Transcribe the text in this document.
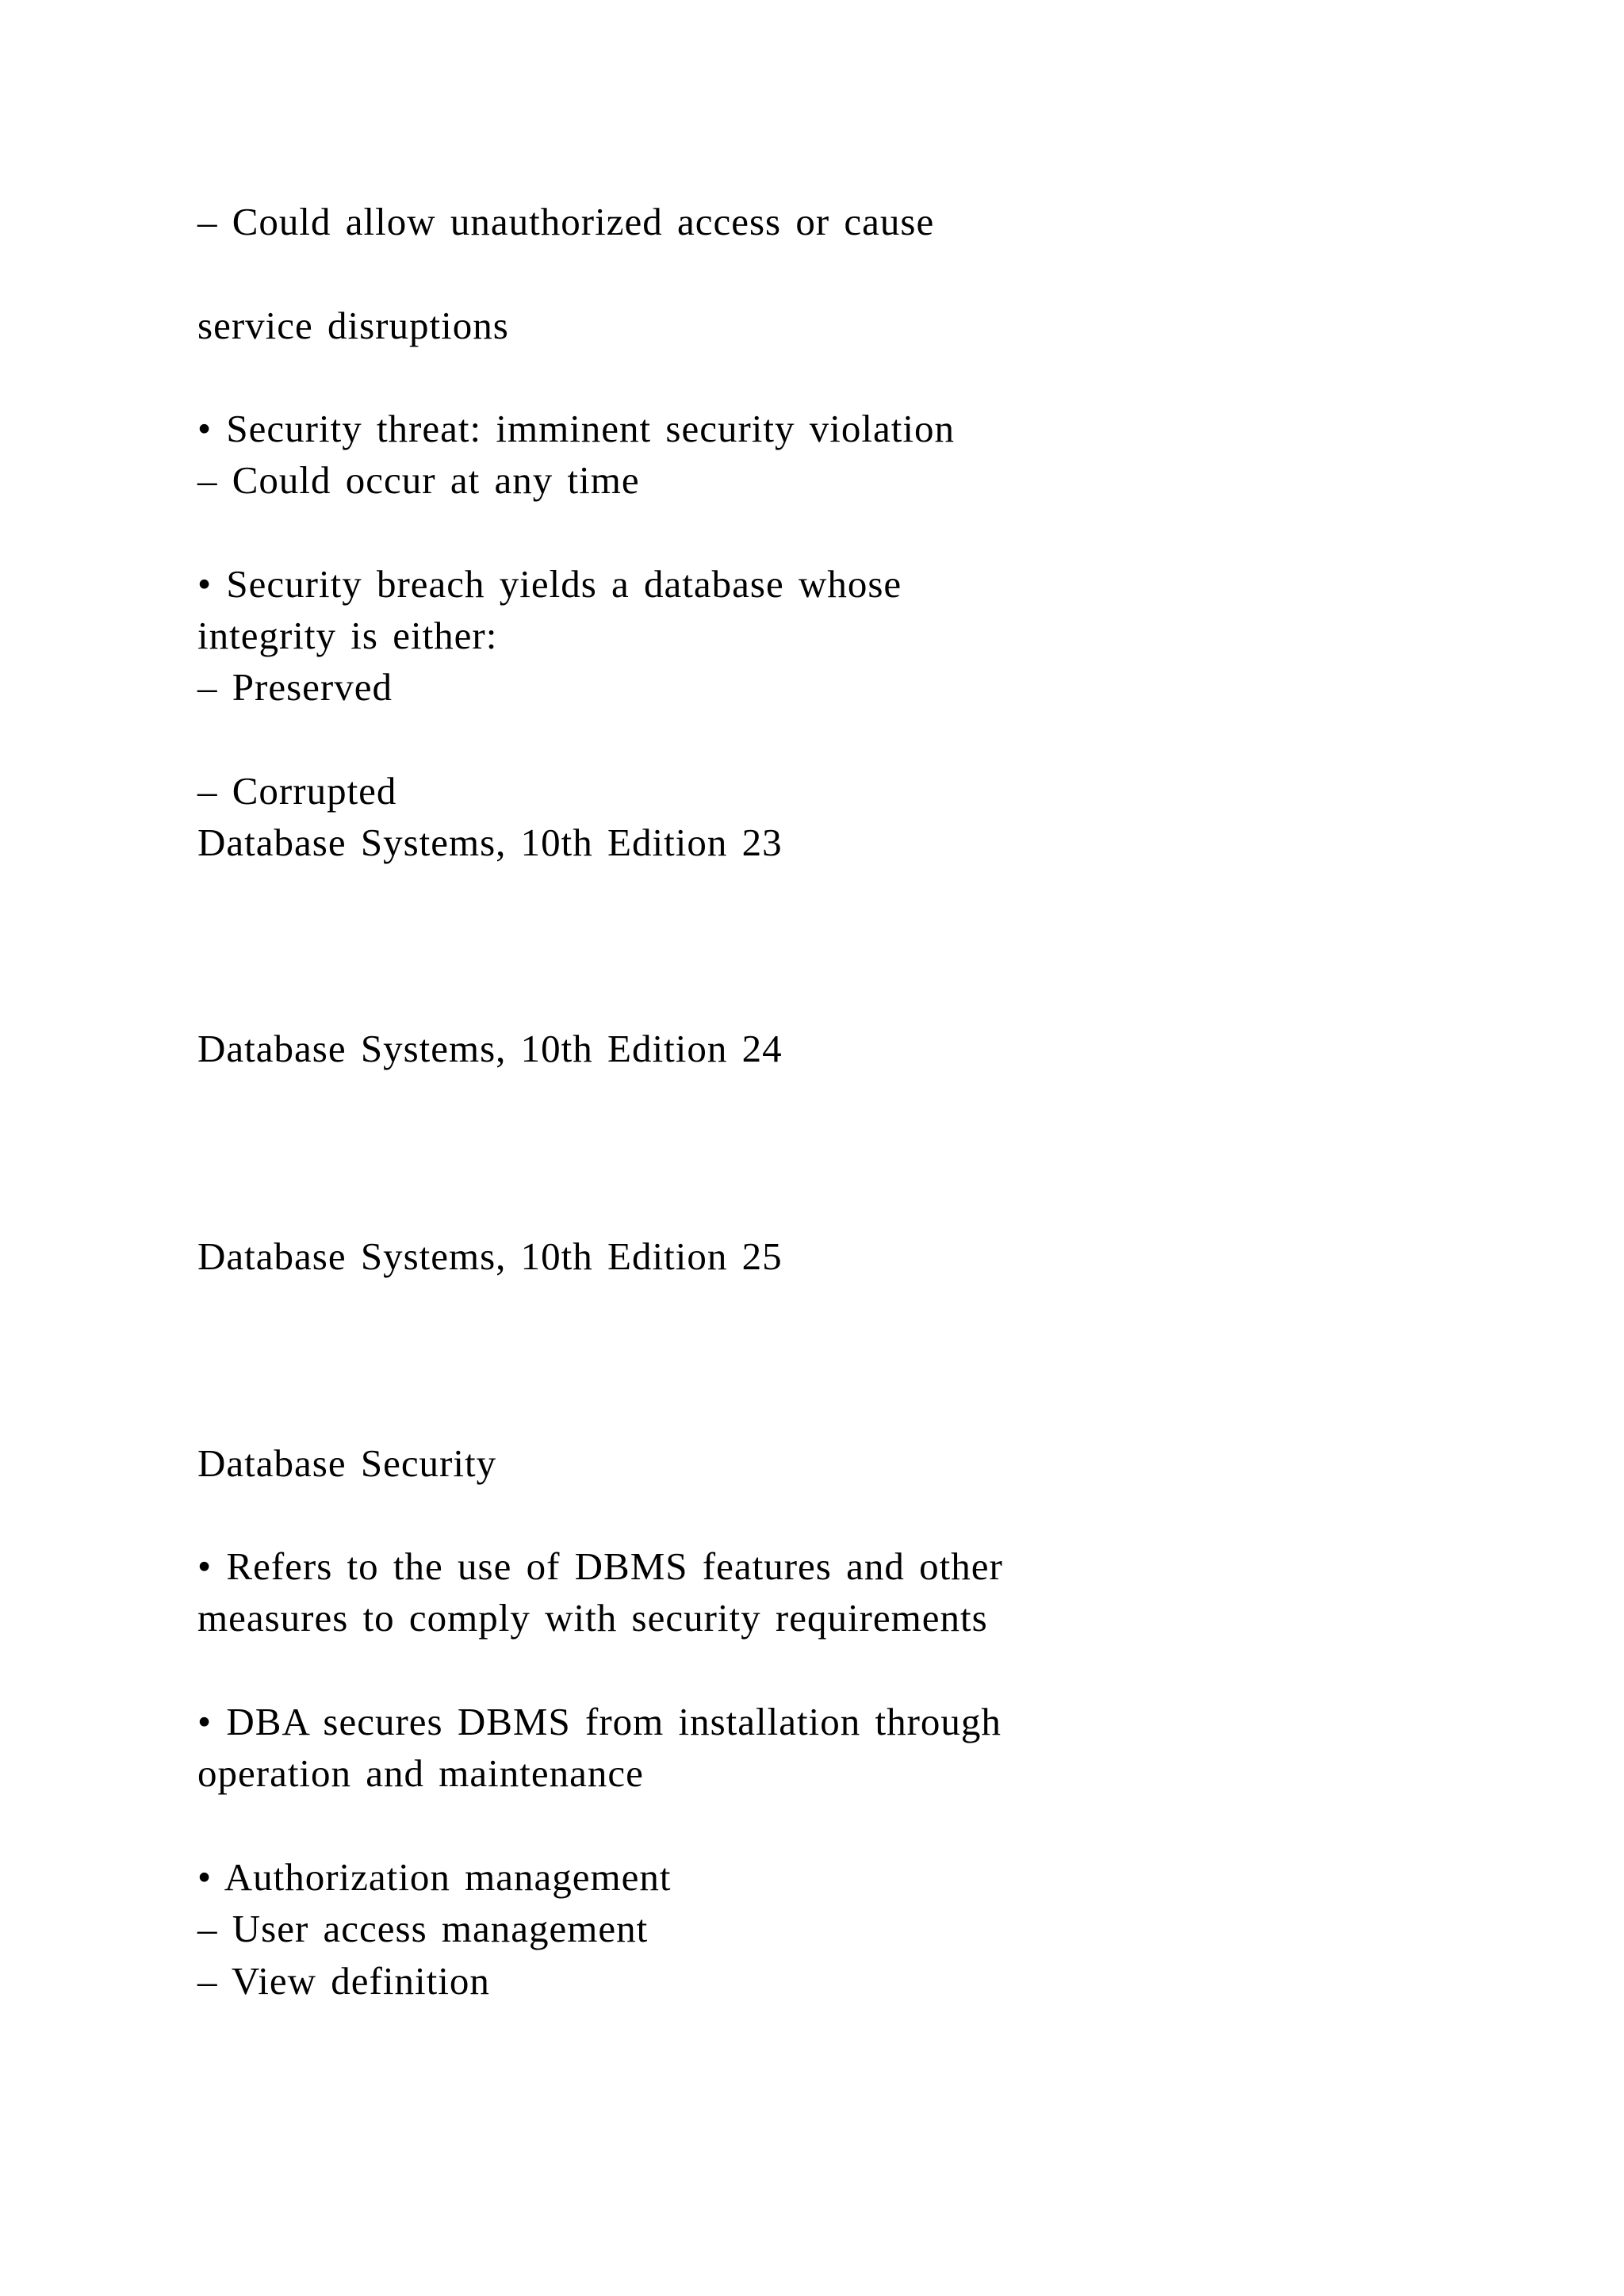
– Could allow unauthorized access or cause
service disruptions
• Security threat: imminent security violation
– Could occur at any time
• Security breach yields a database whose
integrity is either:
– Preserved
– Corrupted
Database Systems, 10th Edition 23
Database Systems, 10th Edition 24
Database Systems, 10th Edition 25
Database Security
• Refers to the use of DBMS features and other
measures to comply with security requirements
• DBA secures DBMS from installation through
operation and maintenance
• Authorization management
– User access management
– View definition
